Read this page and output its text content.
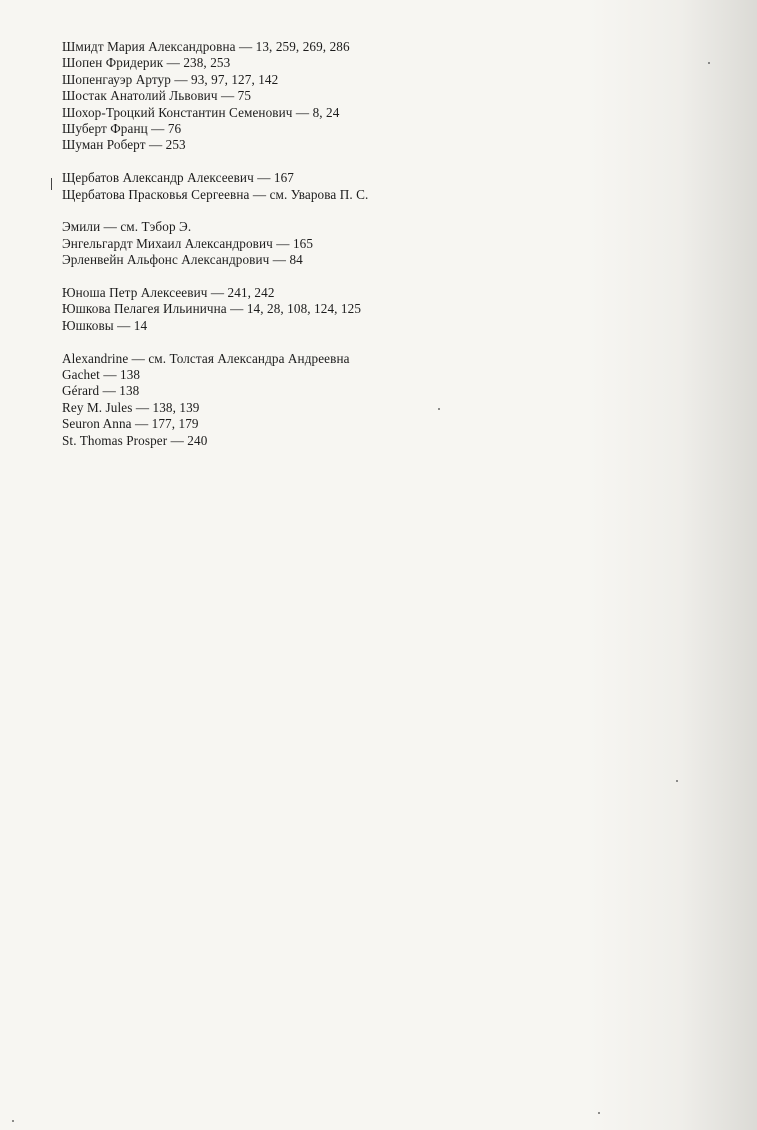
Шмидт Мария Александровна — 13, 259, 269, 286
Шопен Фридерик — 238, 253
Шопенгауэр Артур — 93, 97, 127, 142
Шостак Анатолий Львович — 75
Шохор-Троцкий Константин Семенович — 8, 24
Шуберт Франц — 76
Шуман Роберт — 253
Щербатов Александр Алексеевич — 167
Щербатова Прасковья Сергеевна — см. Уварова П. С.
Эмили — см. Тэбор Э.
Энгельгардт Михаил Александрович — 165
Эрленвейн Альфонс Александрович — 84
Юноша Петр Алексеевич — 241, 242
Юшкова Пелагея Ильинична — 14, 28, 108, 124, 125
Юшковы — 14
Alexandrine — см. Толстая Александра Андреевна
Gachet — 138
Gérard — 138
Rey M. Jules — 138, 139
Seuron Anna — 177, 179
St. Thomas Prosper — 240
